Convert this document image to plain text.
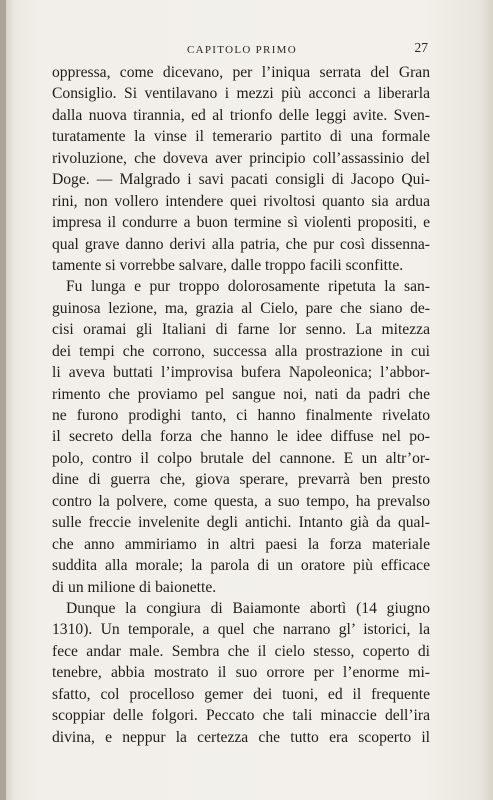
CAPITOLO PRIMO	27
oppressa, come dicevano, per l’iniqua serrata del Gran
Consiglio. Si ventilavano i mezzi più acconci a liberarla
dalla nuova tirannia, ed al trionfo delle leggi avite. Sven-
turatamente la vinse il temerario partito di una formale
rivoluzione, che doveva aver principio coll’assassinio del
Doge. — Malgrado i savi pacati consigli di Jacopo Qui-
rini, non vollero intendere quei rivoltosi quanto sia ardua
impresa il condurre a buon termine sì violenti propositi, e
qual grave danno derivi alla patria, che pur così dissenna-
tamente si vorrebbe salvare, dalle troppo facili sconfitte.
Fu lunga e pur troppo dolorosamente ripetuta la san-
guinosa lezione, ma, grazia al Cielo, pare che siano de-
cisi oramai gli Italiani di farne lor senno. La mitezza
dei tempi che corrono, successa alla prostrazione in cui
li aveva buttati l’improvisa bufera Napoleonica; l’abbor-
rimento che proviamo pel sangue noi, nati da padri che
ne furono prodighi tanto, ci hanno finalmente rivelato
il secreto della forza che hanno le idee diffuse nel po-
polo, contro il colpo brutale del cannone. E un altr’or-
dine di guerra che, giova sperare, prevarrà ben presto
contro la polvere, come questa, a suo tempo, ha prevalso
sulle freccie invelenite degli antichi. Intanto già da qual-
che anno ammiriamo in altri paesi la forza materiale
suddita alla morale; la parola di un oratore più efficace
di un milione di baionette.
Dunque la congiura di Baiamonte abortì (14 giugno
1310). Un temporale, a quel che narrano gl’ istorici, la
fece andar male. Sembra che il cielo stesso, coperto di
tenebre, abbia mostrato il suo orrore per l’enorme mi-
sfatto, col procelloso gemer dei tuoni, ed il frequente
scoppiar delle folgori. Peccato che tali minaccie dell’ira
divina, e neppur la certezza che tutto era scoperto il
